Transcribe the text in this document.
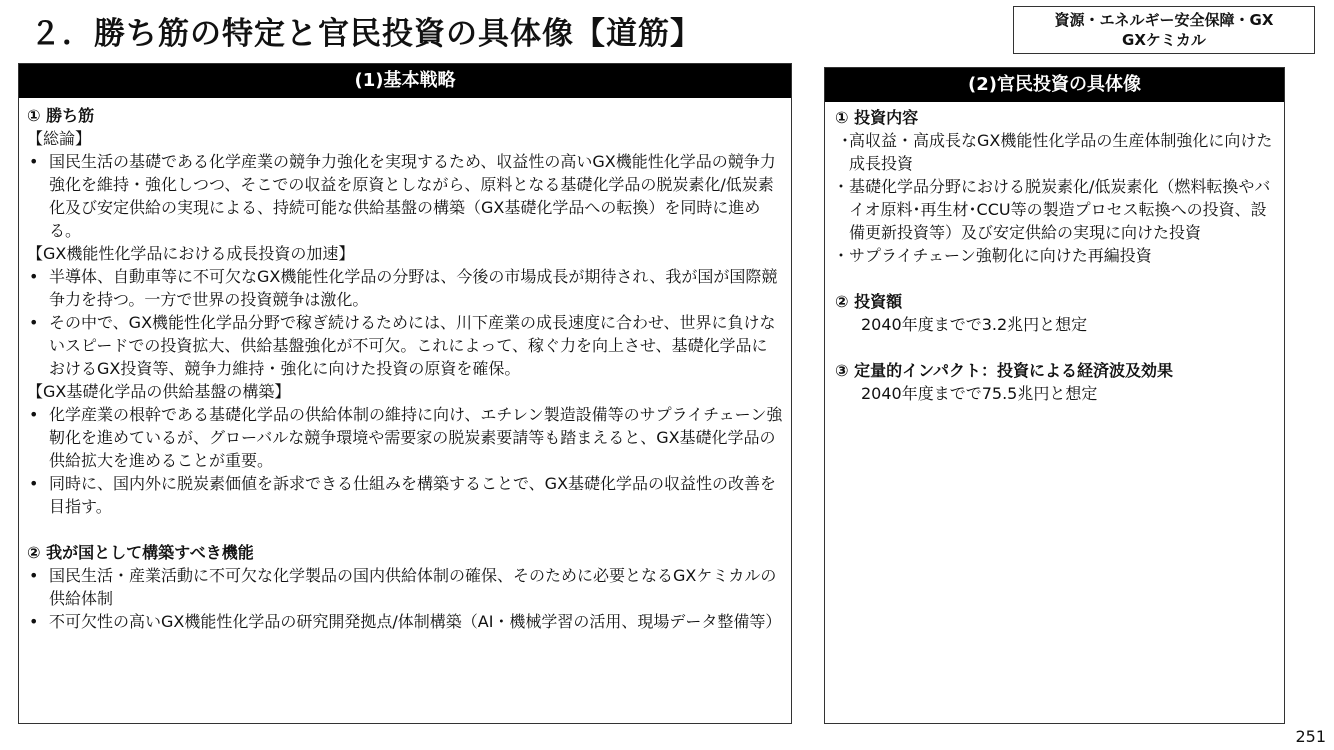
２．勝ち筋の特定と官民投資の具体像【道筋】	資源・エネルギー安全保障・GX
GXケミカル
(1)基本戦略

① 勝ち筋

【総論】

• 国民生活の基礎である化学産業の競争力強化を実現するため、収益性の高いGX機能性化学品の競争力強化を維持・強化しつつ、そこでの収益を原資としながら、原料となる基礎化学品の脱炭素化/低炭素化及び安定供給の実現による、持続可能な供給基盤の構築（GX基礎化学品への転換）を同時に進める。

【GX機能性化学品における成長投資の加速】

• 半導体、自動車等に不可欠なGX機能性化学品の分野は、今後の市場成長が期待され、我が国が国際競争力を持つ。一方で世界の投資競争は激化。
• その中で、GX機能性化学品分野で稼ぎ続けるためには、川下産業の成長速度に合わせ、世界に負けないスピードでの投資拡大、供給基盤強化が不可欠。これによって、稼ぐ力を向上させ、基礎化学品におけるGX投資等、競争力維持・強化に向けた投資の原資を確保。

【GX基礎化学品の供給基盤の構築】

• 化学産業の根幹である基礎化学品の供給体制の維持に向け、エチレン製造設備等のサプライチェーン強靭化を進めているが、グローバルな競争環境や需要家の脱炭素要請等も踏まえると、GX基礎化学品の供給拡大を進めることが重要。
• 同時に、国内外に脱炭素価値を訴求できる仕組みを構築することで、GX基礎化学品の収益性の改善を目指す。

② 我が国として構築すべき機能

• 国民生活・産業活動に不可欠な化学製品の国内供給体制の確保、そのために必要となるGXケミカルの供給体制
• 不可欠性の高いGX機能性化学品の研究開発拠点/体制構築（AI・機械学習の活用、現場データ整備等）
(2)官民投資の具体像

① 投資内容

・
高収益・高成長なGX機能性化学品の生産体制強化に向けた成長投資

･ 基礎化学品分野における脱炭素化/低炭素化（燃料転換やバイオ原料･再生材･CCU等の製造プロセス転換への投資、設備更新投資等）及び安定供給の実現に向けた投資

･ サプライチェーン強靭化に向けた再編投資

② 投資額

2040年度までで3.2兆円と想定

③ 定量的インパクト：投資による経済波及効果

2040年度までで75.5兆円と想定

251
